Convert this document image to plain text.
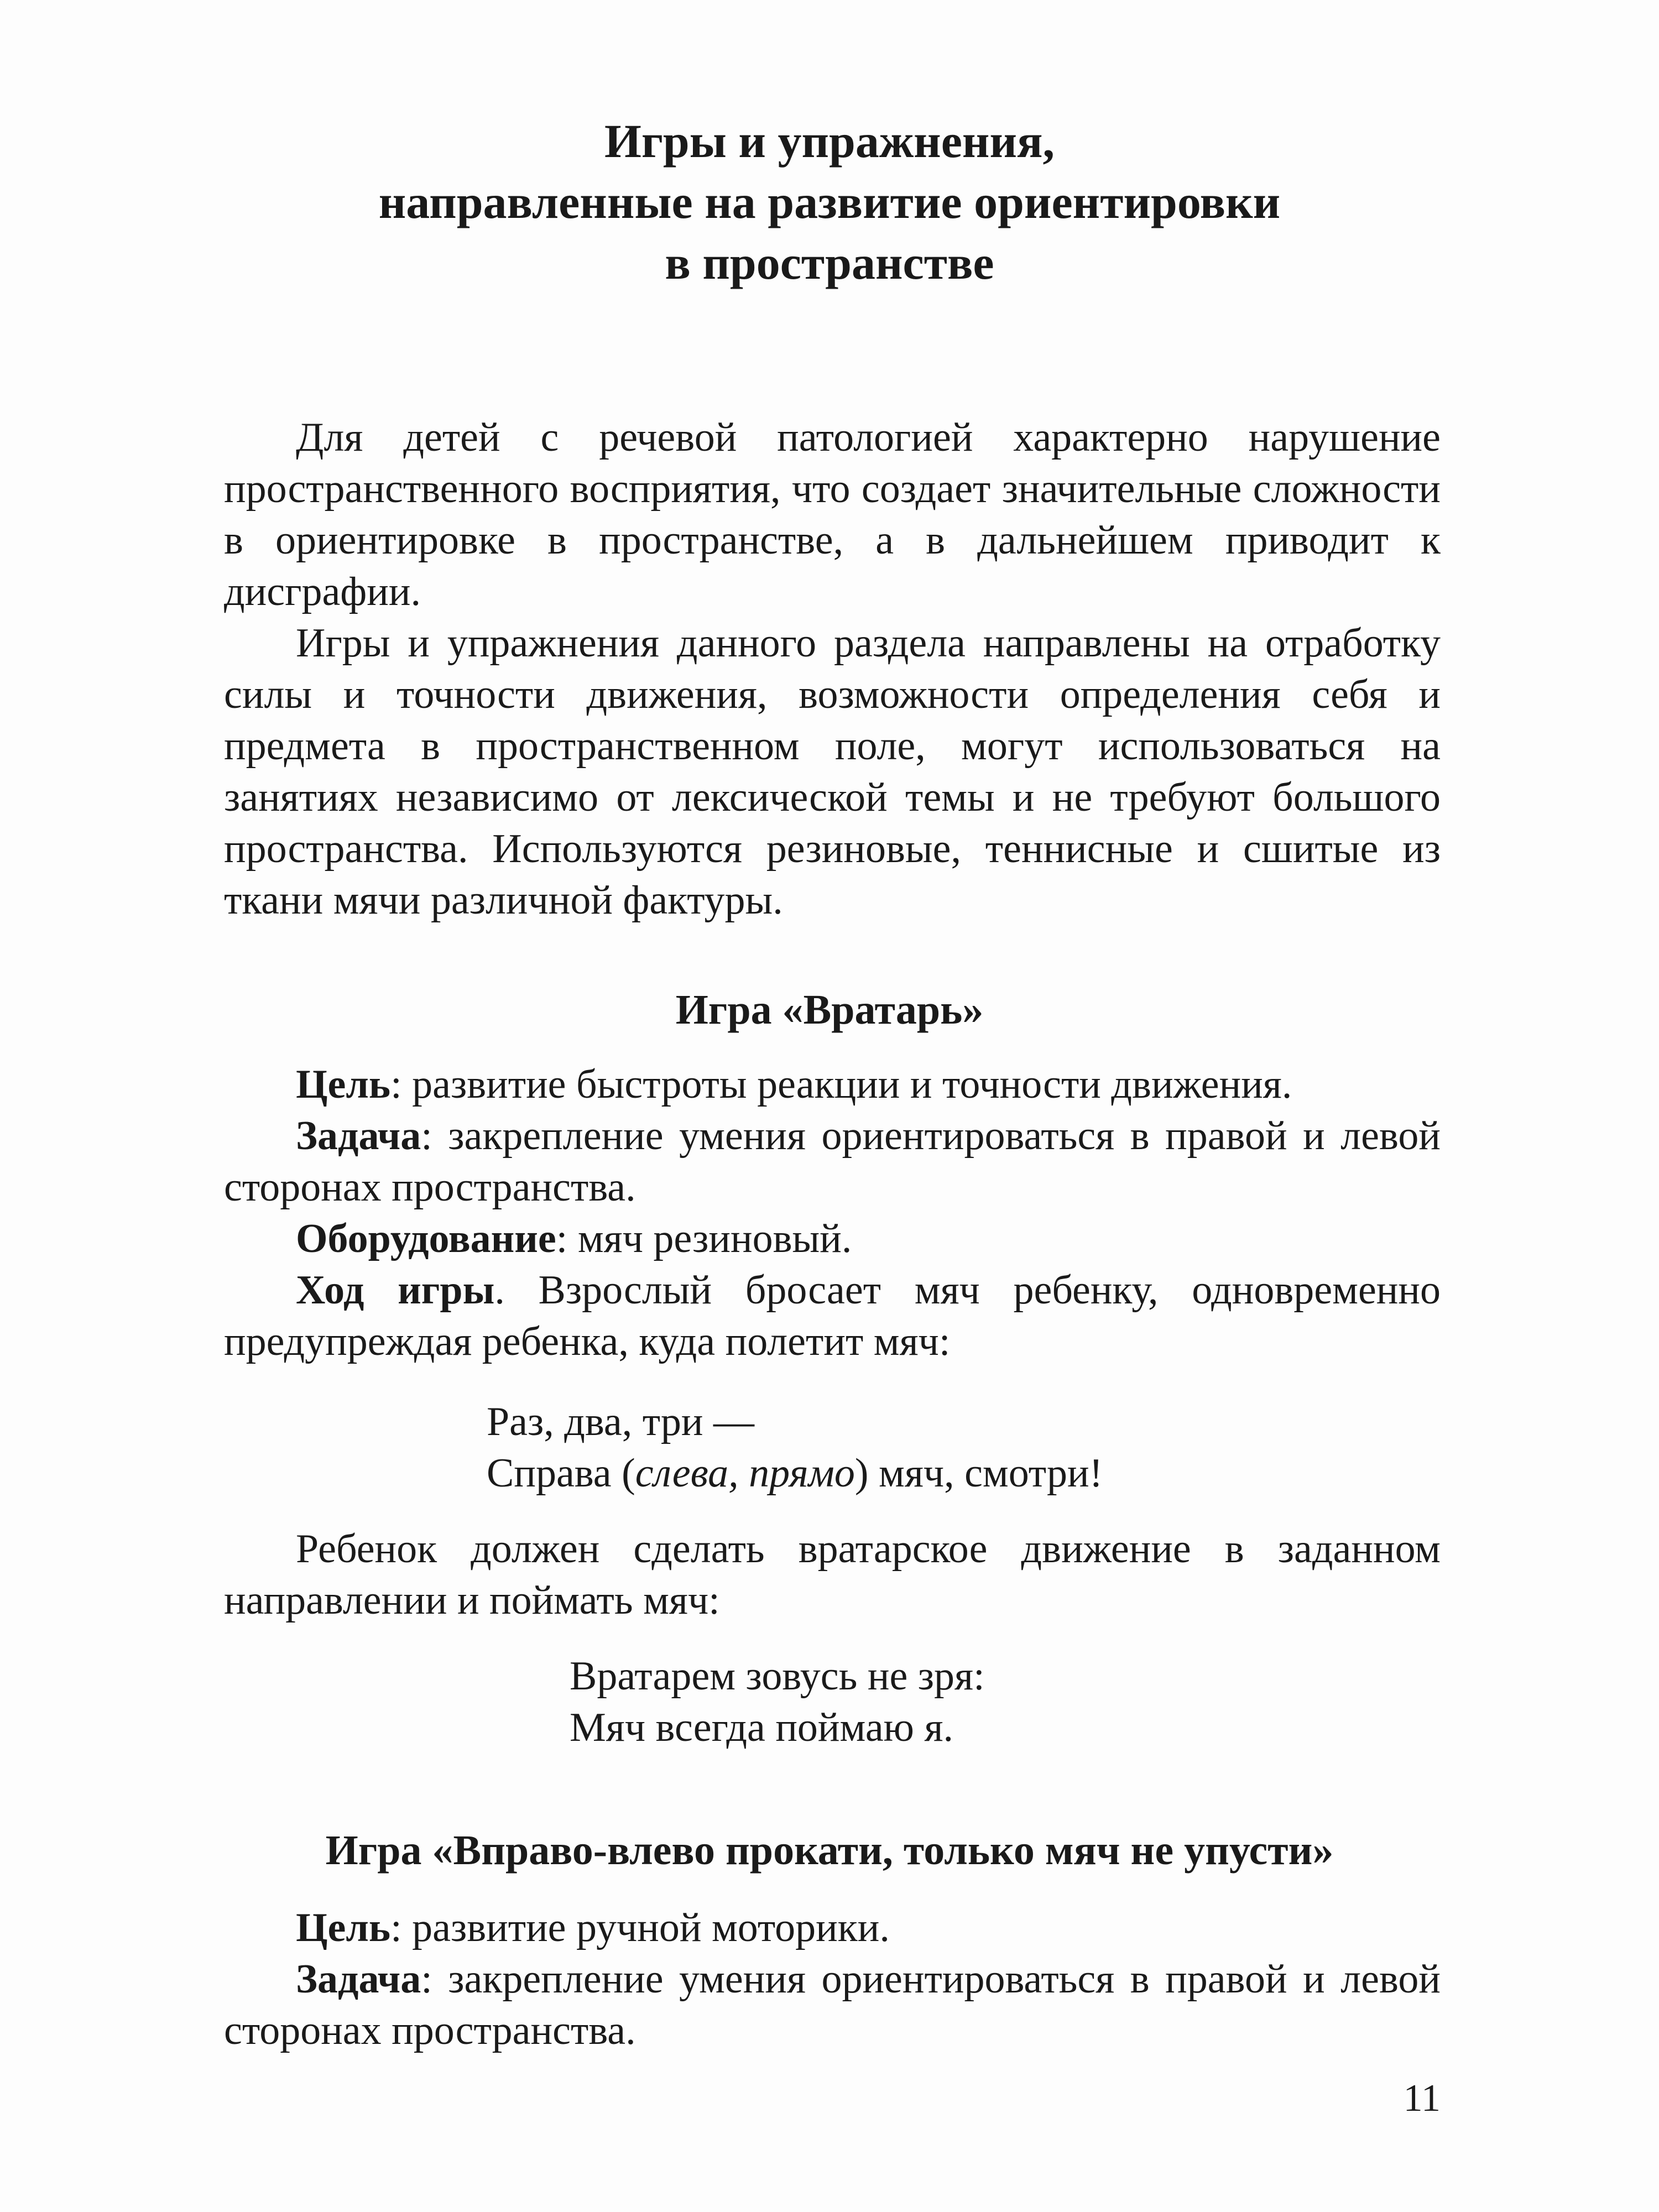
Игры и упражнения,
направленные на развитие ориентировки
в пространстве

Для детей с речевой патологией характерно нарушение пространственного восприятия, что создает значительные сложности в ориентировке в пространстве, а в дальнейшем приводит к дисграфии.

Игры и упражнения данного раздела направлены на отработку силы и точности движения, возможности определения себя и предмета в пространственном поле, могут использоваться на занятиях независимо от лексической темы и не требуют большого пространства. Используются резиновые, теннисные и сшитые из ткани мячи различной фактуры.

Игра «Вратарь»

Цель: развитие быстроты реакции и точности движения.

Задача: закрепление умения ориентироваться в правой и левой сторонах пространства.

Оборудование: мяч резиновый.

Ход игры. Взрослый бросает мяч ребенку, одновременно предупреждая ребенка, куда полетит мяч:

Раз, два, три —
Справа (слева, прямо) мяч, смотри!

Ребенок должен сделать вратарское движение в заданном направлении и поймать мяч:

Вратарем зовусь не зря:
Мяч всегда поймаю я.
Игра «Вправо-влево прокати, только мяч не упусти»

Цель: развитие ручной моторики.

Задача: закрепление умения ориентироваться в правой и левой сторонах пространства.

11
